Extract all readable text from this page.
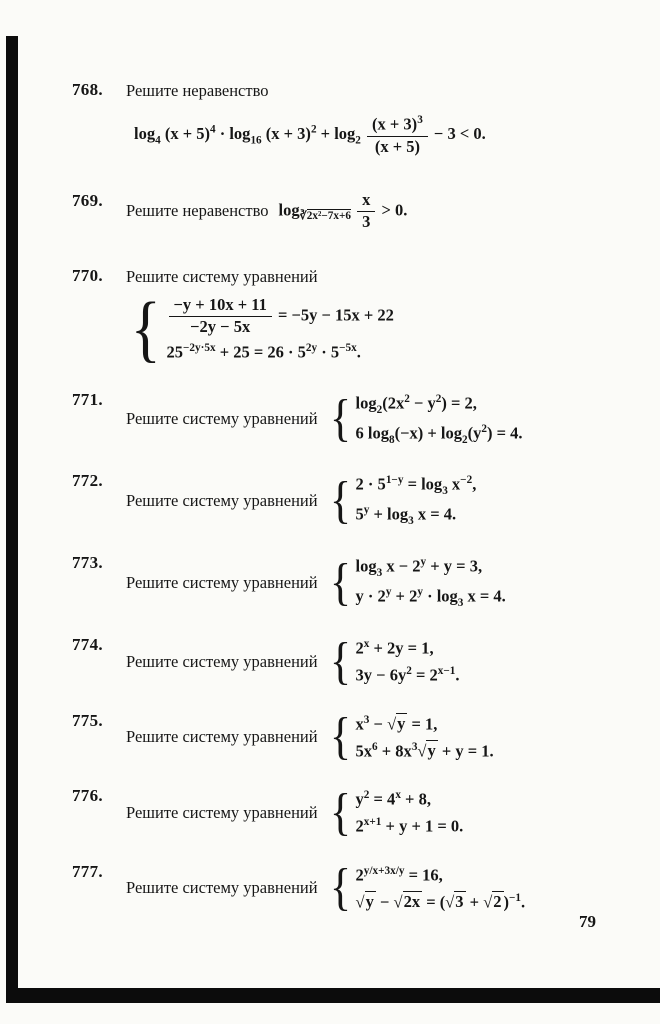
768.	Решите неравенство
$\log_4 (x + 5)^4 \cdot \log_{16} (x + 3)^2 + \log_2 \frac{(x + 3)^3}{(x + 5)} - 3 < 0$.
769.
Решите неравенство $\log_{∛2x^2-7x+6} \frac{x}{3} > 0$.
770.	Решите систему уравнений
{ $\frac{-y + 10x + 11}{-2y - 5x} = -5y - 15x + 22$
$25^{-2y\cdot 5x} + 25 = 26 \cdot 5^{2y} \cdot 5^{-5x}$.
771.
Решите систему уравнений { $\log_2(2x^2 - y^2) = 2$,
6 $\log_8(-x) + \log_2(y^2) = 4$.
772.
Решите систему уравнений { $2 \cdot 5^{1-y} = \log_3 x^{-2}$,
$5^y + \log_3 x = 4$.
773.
Решите систему уравнений { $\log_3 x - 2^y + y = 3$,
$y \cdot 2^y + 2^y \cdot \log_3 x = 4$.
774.
Решите систему уравнений { $2^x + 2y = 1$,
$3y - 6y^2 = 2^{x-1}$.
775.
Решите систему уравнений { $x^3 - √y = 1$,
$5x^6 + 8x^3√y + y = 1$.
776.
Решите систему уравнений { $y^2 = 4^x + 8$,
$2^{x+1} + y + 1 = 0$.
777.
Решите систему уравнений { $2^{y/x+3x/y} = 16$,
√y − √2x = (√3 + √2 )$^{-1}$.
79
